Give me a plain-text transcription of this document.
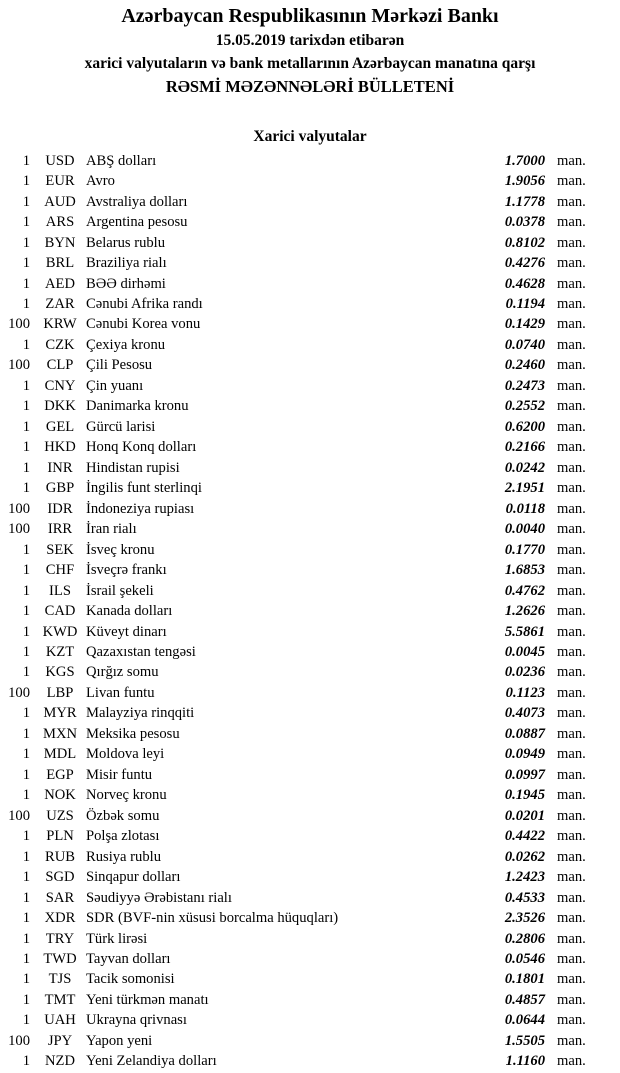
Azərbaycan Respublikasının Mərkəzi Bankı
15.05.2019 tarixdən etibarən
xarici valyutaların və bank metallarının Azərbaycan manatına qarşı
RƏSMİ MƏZƏNNƏLƏRİ BÜLLETENİ
Xarici valyutalar
1	USD ABŞ dolları	1.7000 man.
1	EUR Avro	1.9056 man.
1 AUD Avstraliya dolları	1.1778 man.
1	ARS Argentina pesosu	0.0378 man.
1 BYN Belarus rublu	0.8102 man.
1	BRL Braziliya rialı	0.4276 man.
1	AED BƏƏ dirhəmi	0.4628 man.
1	ZAR Cənubi Afrika randı	0.1194 man.
100 KRW Cənubi Korea vonu	0.1429 man.
1	CZK Çexiya kronu	0.0740 man.
100	CLP Çili Pesosu	0.2460 man.
1 CNY Çin yuanı	0.2473 man.
1 DKK Danimarka kronu	0.2552 man.
1	GEL Gürcü larisi	0.6200 man.
1 HKD Honq Konq dolları	0.2166 man.
1	INR Hindistan rupisi	0.0242 man.
1	GBP İngilis funt sterlinqi	2.1951 man.
100	IDR İndoneziya rupiası	0.0118 man.
100	IRR İran rialı	0.0040 man.
1	SEK İsveç kronu	0.1770 man.
1	CHF İsveçrə frankı	1.6853 man.
1	ILS	İsrail şekeli	0.4762 man.
1 CAD Kanada dolları	1.2626 man.
1 KWD Küveyt dinarı	5.5861 man.
1	KZT Qazaxıstan tengəsi	0.0045 man.
1	KGS Qırğız somu	0.0236 man.
100	LBP Livan funtu	0.1123 man.
1 MYR Malayziya rinqqiti	0.4073 man.
1 MXN Meksika pesosu	0.0887 man.
1 MDL Moldova leyi	0.0949 man.
1	EGP Misir funtu	0.0997 man.
1 NOK Norveç kronu	0.1945 man.
100	UZS Özbək somu	0.0201 man.
1	PLN Polşa zlotası	0.4422 man.
1	RUB Rusiya rublu	0.0262 man.
1	SGD Sinqapur dolları	1.2423 man.
1	SAR Səudiyyə Ərəbistanı rialı	0.4533 man.
1 XDR SDR (BVF-nin xüsusi borcalma hüquqları)	2.3526 man.
1	TRY Türk lirəsi	0.2806 man.
1 TWD Tayvan dolları	0.0546 man.
1	TJS	Tacik somonisi	0.1801 man.
1 TMT Yeni türkmən manatı	0.4857 man.
1 UAH Ukrayna qrivnası	0.0644 man.
100	JPY Yapon yeni	1.5505 man.
1	NZD Yeni Zelandiya dolları	1.1160 man.
